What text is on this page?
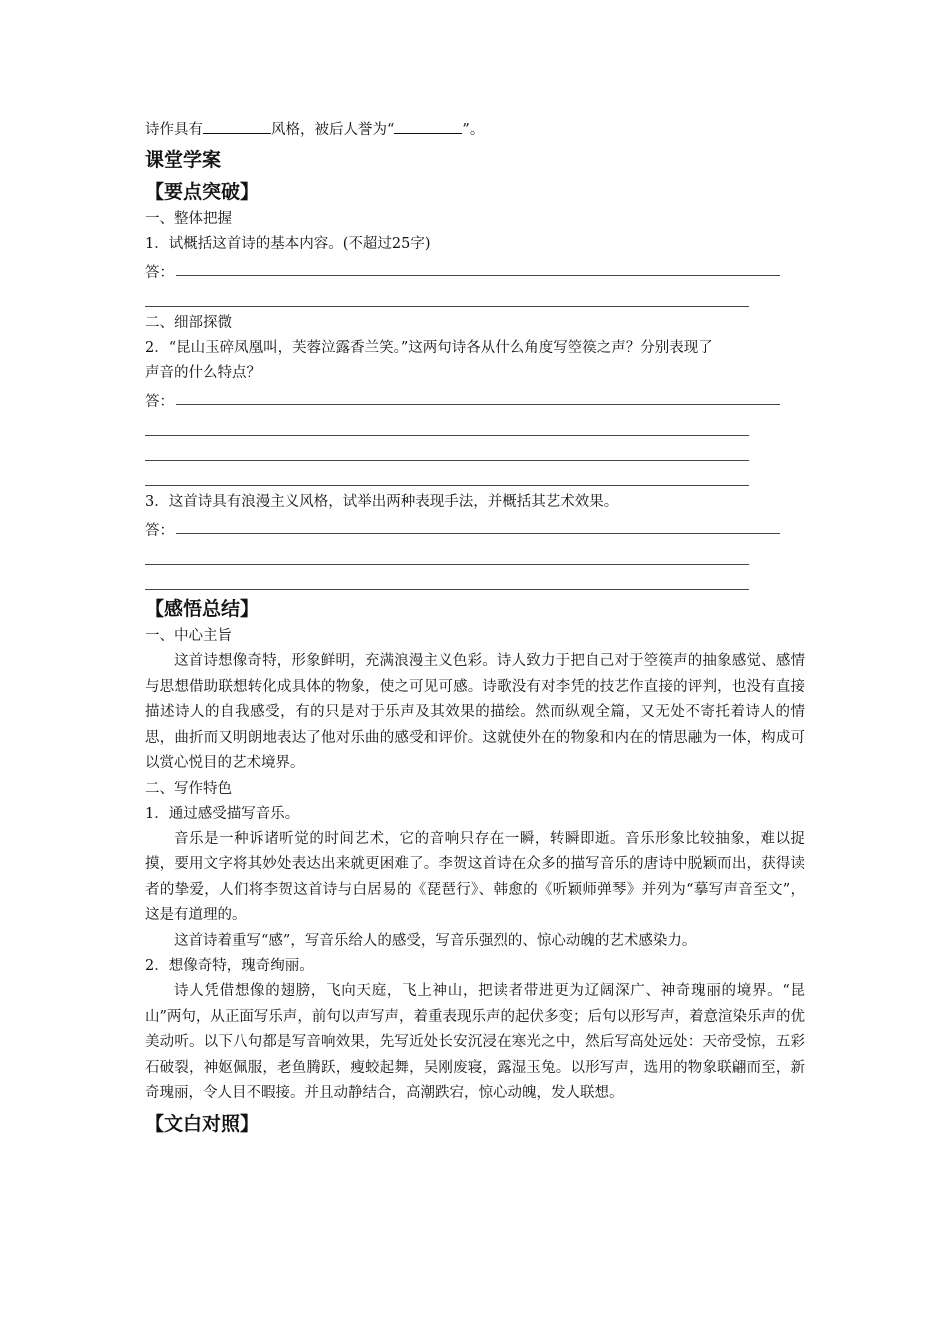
诗作具有	风格，被后人誉为“	”。
课堂学案
【要点突破】
一、整体把握
1．试概括这首诗的基本内容。(不超过25字)
答：
二、细部探微
2．“昆山玉碎凤凰叫，芙蓉泣露香兰笑。”这两句诗各从什么角度写箜篌之声？分别表现了
声音的什么特点？
答：
3．这首诗具有浪漫主义风格，试举出两种表现手法，并概括其艺术效果。
答：
【感悟总结】
一、中心主旨
这首诗想像奇特，形象鲜明，充满浪漫主义色彩。诗人致力于把自己对于箜篌声的抽象感觉、感情与思想借助联想转化成具体的物象，使之可见可感。诗歌没有对李凭的技艺作直接的评判，也没有直接描述诗人的自我感受，有的只是对于乐声及其效果的描绘。然而纵观全篇，又无处不寄托着诗人的情思，曲折而又明朗地表达了他对乐曲的感受和评价。这就使外在的物象和内在的情思融为一体，构成可以赏心悦目的艺术境界。
二、写作特色
1．通过感受描写音乐。
音乐是一种诉诸听觉的时间艺术，它的音响只存在一瞬，转瞬即逝。音乐形象比较抽象，难以捉摸，要用文字将其妙处表达出来就更困难了。李贺这首诗在众多的描写音乐的唐诗中脱颖而出，获得读者的挚爱，人们将李贺这首诗与白居易的《琵琶行》、韩愈的《听颖师弹琴》并列为“摹写声音至文”，这是有道理的。
这首诗着重写“感”，写音乐给人的感受，写音乐强烈的、惊心动魄的艺术感染力。
2．想像奇特，瑰奇绚丽。
诗人凭借想像的翅膀，飞向天庭，飞上神山，把读者带进更为辽阔深广、神奇瑰丽的境界。“昆山”两句，从正面写乐声，前句以声写声，着重表现乐声的起伏多变；后句以形写声，着意渲染乐声的优美动听。以下八句都是写音响效果，先写近处长安沉浸在寒光之中，然后写高处远处：天帝受惊，五彩石破裂，神妪佩服，老鱼腾跃，瘦蛟起舞，吴刚废寝，露湿玉兔。以形写声，选用的物象联翩而至，新奇瑰丽，令人目不暇接。并且动静结合，高潮跌宕，惊心动魄，发人联想。
【文白对照】
